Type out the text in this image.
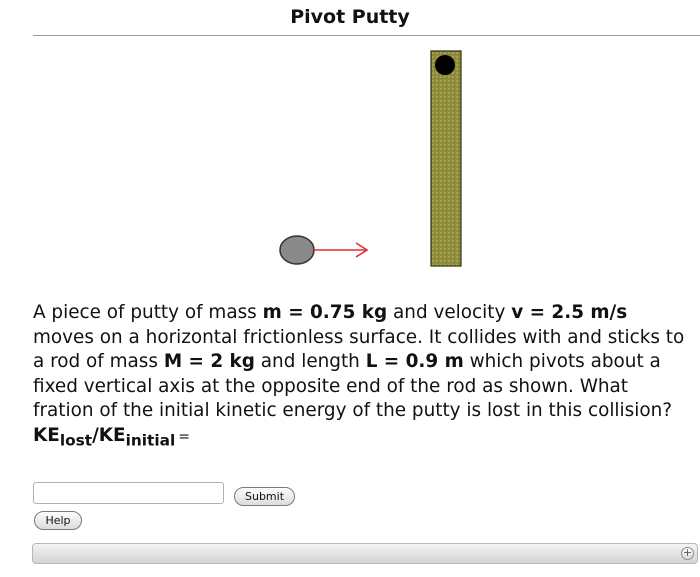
Pivot Putty
A piece of putty of mass m = 0.75 kg and velocity v = 2.5 m/s moves on a horizontal frictionless surface. It collides with and sticks to a rod of mass M = 2 kg and length L = 0.9 m which pivots about a fixed vertical axis at the opposite end of the rod as shown. What fration of the initial kinetic energy of the putty is lost in this collision?
$KE_{lost}/KE_{initial}$ =
Submit
Help
+
